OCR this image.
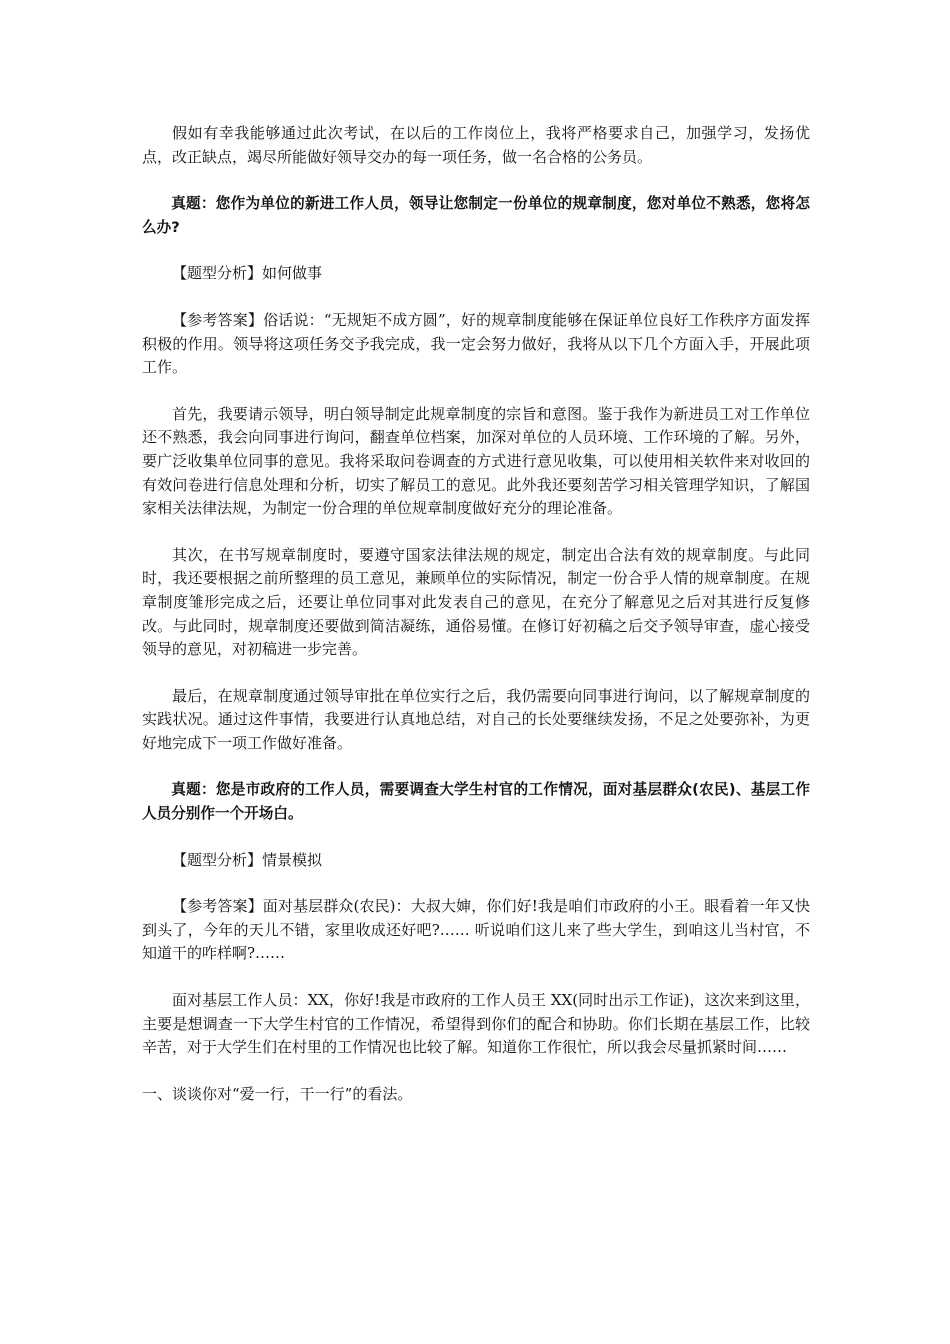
假如有幸我能够通过此次考试，在以后的工作岗位上，我将严格要求自己，加强学习，发扬优点，改正缺点，竭尽所能做好领导交办的每一项任务，做一名合格的公务员。

真题：您作为单位的新进工作人员，领导让您制定一份单位的规章制度，您对单位不熟悉，您将怎么办?

【题型分析】如何做事

【参考答案】俗话说：“无规矩不成方圆”，好的规章制度能够在保证单位良好工作秩序方面发挥积极的作用。领导将这项任务交予我完成，我一定会努力做好，我将从以下几个方面入手，开展此项工作。

首先，我要请示领导，明白领导制定此规章制度的宗旨和意图。鉴于我作为新进员工对工作单位还不熟悉，我会向同事进行询问，翻查单位档案，加深对单位的人员环境、工作环境的了解。另外，要广泛收集单位同事的意见。我将采取问卷调查的方式进行意见收集，可以使用相关软件来对收回的有效问卷进行信息处理和分析，切实了解员工的意见。此外我还要刻苦学习相关管理学知识，了解国家相关法律法规，为制定一份合理的单位规章制度做好充分的理论准备。

其次，在书写规章制度时，要遵守国家法律法规的规定，制定出合法有效的规章制度。与此同时，我还要根据之前所整理的员工意见，兼顾单位的实际情况，制定一份合乎人情的规章制度。在规章制度雏形完成之后，还要让单位同事对此发表自己的意见，在充分了解意见之后对其进行反复修改。与此同时，规章制度还要做到简洁凝练，通俗易懂。在修订好初稿之后交予领导审查，虚心接受领导的意见，对初稿进一步完善。

最后，在规章制度通过领导审批在单位实行之后，我仍需要向同事进行询问，以了解规章制度的实践状况。通过这件事情，我要进行认真地总结，对自己的长处要继续发扬，不足之处要弥补，为更好地完成下一项工作做好准备。

真题：您是市政府的工作人员，需要调查大学生村官的工作情况，面对基层群众(农民)、基层工作人员分别作一个开场白。

【题型分析】情景模拟

【参考答案】面对基层群众(农民)：大叔大婶，你们好!我是咱们市政府的小王。眼看着一年又快到头了，今年的天儿不错，家里收成还好吧?…… 听说咱们这儿来了些大学生，到咱这儿当村官，不知道干的咋样啊?……

面对基层工作人员：XX，你好!我是市政府的工作人员王 XX(同时出示工作证)，这次来到这里，主要是想调查一下大学生村官的工作情况，希望得到你们的配合和协助。你们长期在基层工作，比较辛苦，对于大学生们在村里的工作情况也比较了解。知道你工作很忙，所以我会尽量抓紧时间……

一、谈谈你对“爱一行，干一行”的看法。
